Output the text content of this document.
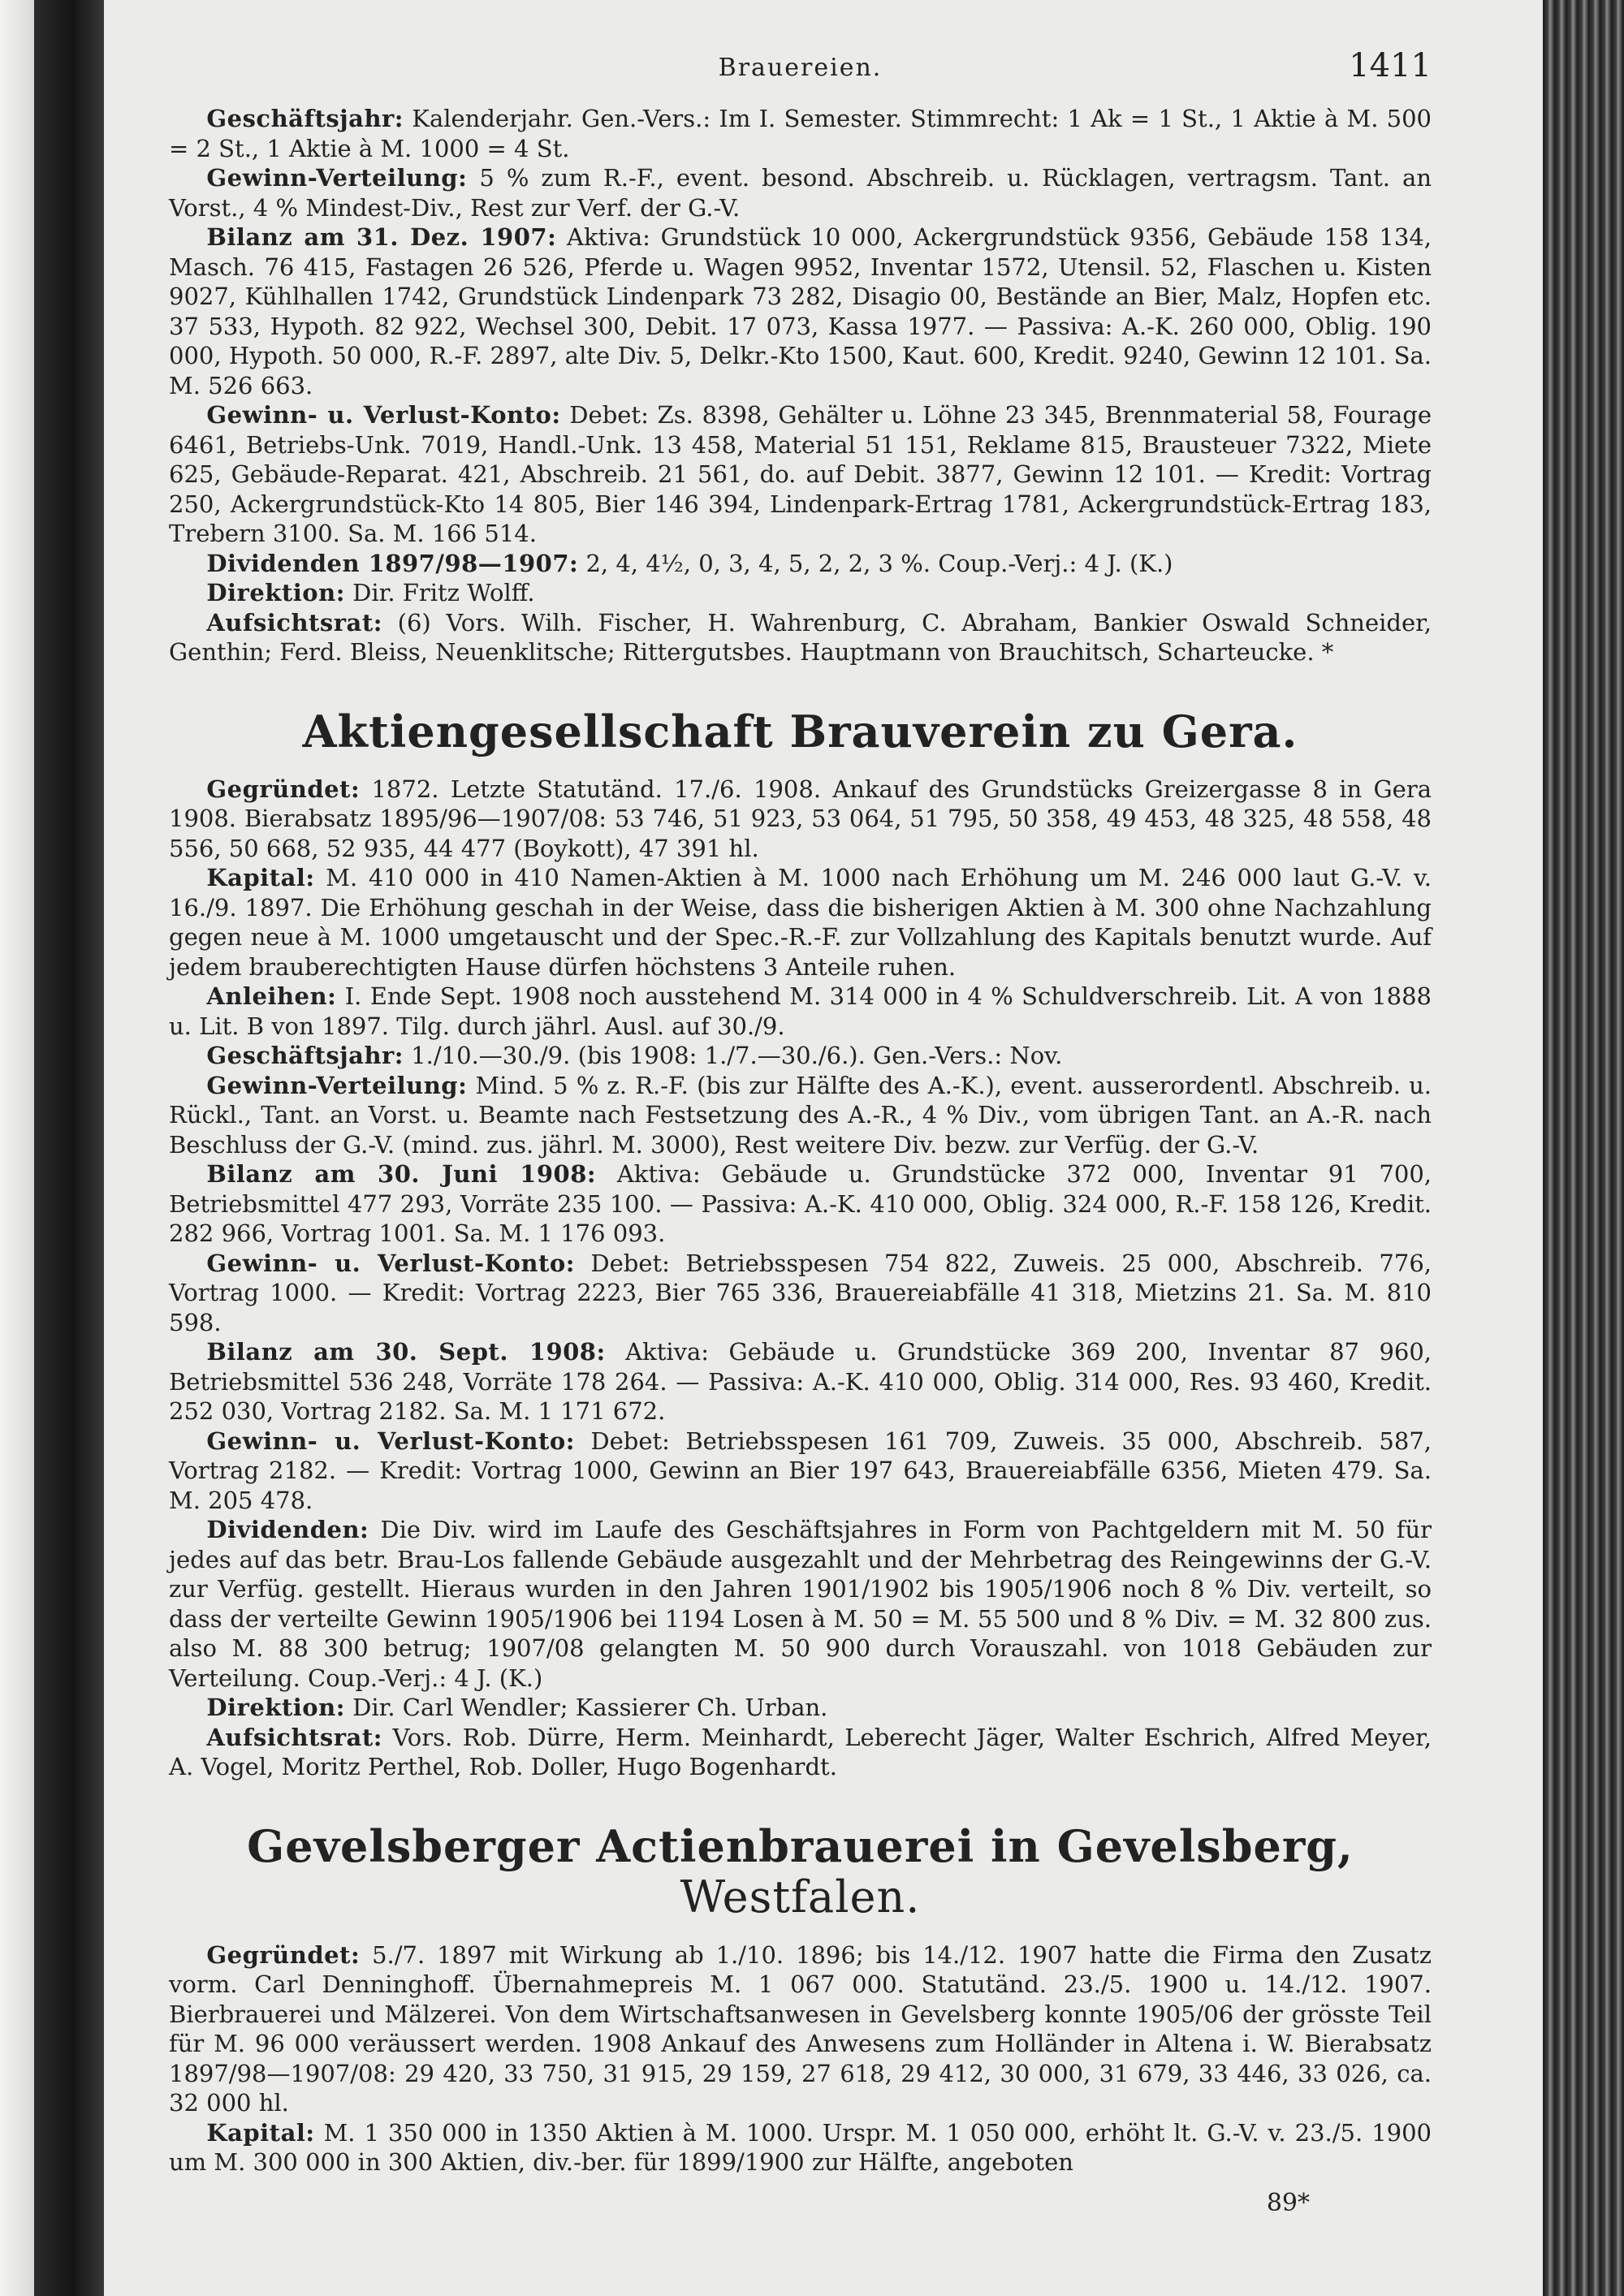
Brauereien.	1411

Geschäftsjahr: Kalenderjahr. Gen.-Vers.: Im I. Semester. Stimmrecht: 1 Ak = 1 St., 1 Aktie à M. 500 = 2 St., 1 Aktie à M. 1000 = 4 St.

Gewinn-Verteilung: 5 % zum R.-F., event. besond. Abschreib. u. Rücklagen, vertragsm. Tant. an Vorst., 4 % Mindest-Div., Rest zur Verf. der G.-V.

Bilanz am 31. Dez. 1907: Aktiva: Grundstück 10 000, Ackergrundstück 9356, Gebäude 158 134, Masch. 76 415, Fastagen 26 526, Pferde u. Wagen 9952, Inventar 1572, Utensil. 52, Flaschen u. Kisten 9027, Kühlhallen 1742, Grundstück Lindenpark 73 282, Disagio 00, Bestände an Bier, Malz, Hopfen etc. 37 533, Hypoth. 82 922, Wechsel 300, Debit. 17 073, Kassa 1977. — Passiva: A.-K. 260 000, Oblig. 190 000, Hypoth. 50 000, R.-F. 2897, alte Div. 5, Delkr.-Kto 1500, Kaut. 600, Kredit. 9240, Gewinn 12 101. Sa. M. 526 663.

Gewinn- u. Verlust-Konto: Debet: Zs. 8398, Gehälter u. Löhne 23 345, Brennmaterial 58, Fourage 6461, Betriebs-Unk. 7019, Handl.-Unk. 13 458, Material 51 151, Reklame 815, Brausteuer 7322, Miete 625, Gebäude-Reparat. 421, Abschreib. 21 561, do. auf Debit. 3877, Gewinn 12 101. — Kredit: Vortrag 250, Ackergrundstück-Kto 14 805, Bier 146 394, Lindenpark-Ertrag 1781, Ackergrundstück-Ertrag 183, Trebern 3100. Sa. M. 166 514.

Dividenden 1897/98—1907: 2, 4, 4½, 0, 3, 4, 5, 2, 2, 3 %. Coup.-Verj.: 4 J. (K.)

Direktion: Dir. Fritz Wolff.

Aufsichtsrat: (6) Vors. Wilh. Fischer, H. Wahrenburg, C. Abraham, Bankier Oswald Schneider, Genthin; Ferd. Bleiss, Neuenklitsche; Rittergutsbes. Hauptmann von Brauchitsch, Scharteucke. *

Aktiengesellschaft Brauverein zu Gera.

Gegründet: 1872. Letzte Statutänd. 17./6. 1908. Ankauf des Grundstücks Greizergasse 8 in Gera 1908. Bierabsatz 1895/96—1907/08: 53 746, 51 923, 53 064, 51 795, 50 358, 49 453, 48 325, 48 558, 48 556, 50 668, 52 935, 44 477 (Boykott), 47 391 hl.

Kapital: M. 410 000 in 410 Namen-Aktien à M. 1000 nach Erhöhung um M. 246 000 laut G.-V. v. 16./9. 1897. Die Erhöhung geschah in der Weise, dass die bisherigen Aktien à M. 300 ohne Nachzahlung gegen neue à M. 1000 umgetauscht und der Spec.-R.-F. zur Vollzahlung des Kapitals benutzt wurde. Auf jedem brauberechtigten Hause dürfen höchstens 3 Anteile ruhen.

Anleihen: I. Ende Sept. 1908 noch ausstehend M. 314 000 in 4 % Schuldverschreib. Lit. A von 1888 u. Lit. B von 1897. Tilg. durch jährl. Ausl. auf 30./9.

Geschäftsjahr: 1./10.—30./9. (bis 1908: 1./7.—30./6.). Gen.-Vers.: Nov.

Gewinn-Verteilung: Mind. 5 % z. R.-F. (bis zur Hälfte des A.-K.), event. ausserordentl. Abschreib. u. Rückl., Tant. an Vorst. u. Beamte nach Festsetzung des A.-R., 4 % Div., vom übrigen Tant. an A.-R. nach Beschluss der G.-V. (mind. zus. jährl. M. 3000), Rest weitere Div. bezw. zur Verfüg. der G.-V.

Bilanz am 30. Juni 1908: Aktiva: Gebäude u. Grundstücke 372 000, Inventar 91 700, Betriebsmittel 477 293, Vorräte 235 100. — Passiva: A.-K. 410 000, Oblig. 324 000, R.-F. 158 126, Kredit. 282 966, Vortrag 1001. Sa. M. 1 176 093.

Gewinn- u. Verlust-Konto: Debet: Betriebsspesen 754 822, Zuweis. 25 000, Abschreib. 776, Vortrag 1000. — Kredit: Vortrag 2223, Bier 765 336, Brauereiabfälle 41 318, Mietzins 21. Sa. M. 810 598.

Bilanz am 30. Sept. 1908: Aktiva: Gebäude u. Grundstücke 369 200, Inventar 87 960, Betriebsmittel 536 248, Vorräte 178 264. — Passiva: A.-K. 410 000, Oblig. 314 000, Res. 93 460, Kredit. 252 030, Vortrag 2182. Sa. M. 1 171 672.

Gewinn- u. Verlust-Konto: Debet: Betriebsspesen 161 709, Zuweis. 35 000, Abschreib. 587, Vortrag 2182. — Kredit: Vortrag 1000, Gewinn an Bier 197 643, Brauereiabfälle 6356, Mieten 479. Sa. M. 205 478.

Dividenden: Die Div. wird im Laufe des Geschäftsjahres in Form von Pachtgeldern mit M. 50 für jedes auf das betr. Brau-Los fallende Gebäude ausgezahlt und der Mehrbetrag des Reingewinns der G.-V. zur Verfüg. gestellt. Hieraus wurden in den Jahren 1901/1902 bis 1905/1906 noch 8 % Div. verteilt, so dass der verteilte Gewinn 1905/1906 bei 1194 Losen à M. 50 = M. 55 500 und 8 % Div. = M. 32 800 zus. also M. 88 300 betrug; 1907/08 gelangten M. 50 900 durch Vorauszahl. von 1018 Gebäuden zur Verteilung. Coup.-Verj.: 4 J. (K.)

Direktion: Dir. Carl Wendler; Kassierer Ch. Urban.

Aufsichtsrat: Vors. Rob. Dürre, Herm. Meinhardt, Leberecht Jäger, Walter Eschrich, Alfred Meyer, A. Vogel, Moritz Perthel, Rob. Doller, Hugo Bogenhardt.

Gevelsberger Actienbrauerei in Gevelsberg, Westfalen.

Gegründet: 5./7. 1897 mit Wirkung ab 1./10. 1896; bis 14./12. 1907 hatte die Firma den Zusatz vorm. Carl Denninghoff. Übernahmepreis M. 1 067 000. Statutänd. 23./5. 1900 u. 14./12. 1907. Bierbrauerei und Mälzerei. Von dem Wirtschaftsanwesen in Gevelsberg konnte 1905/06 der grösste Teil für M. 96 000 veräussert werden. 1908 Ankauf des Anwesens zum Holländer in Altena i. W. Bierabsatz 1897/98—1907/08: 29 420, 33 750, 31 915, 29 159, 27 618, 29 412, 30 000, 31 679, 33 446, 33 026, ca. 32 000 hl.

Kapital: M. 1 350 000 in 1350 Aktien à M. 1000. Urspr. M. 1 050 000, erhöht lt. G.-V. v. 23./5. 1900 um M. 300 000 in 300 Aktien, div.-ber. für 1899/1900 zur Hälfte, angeboten

89*
